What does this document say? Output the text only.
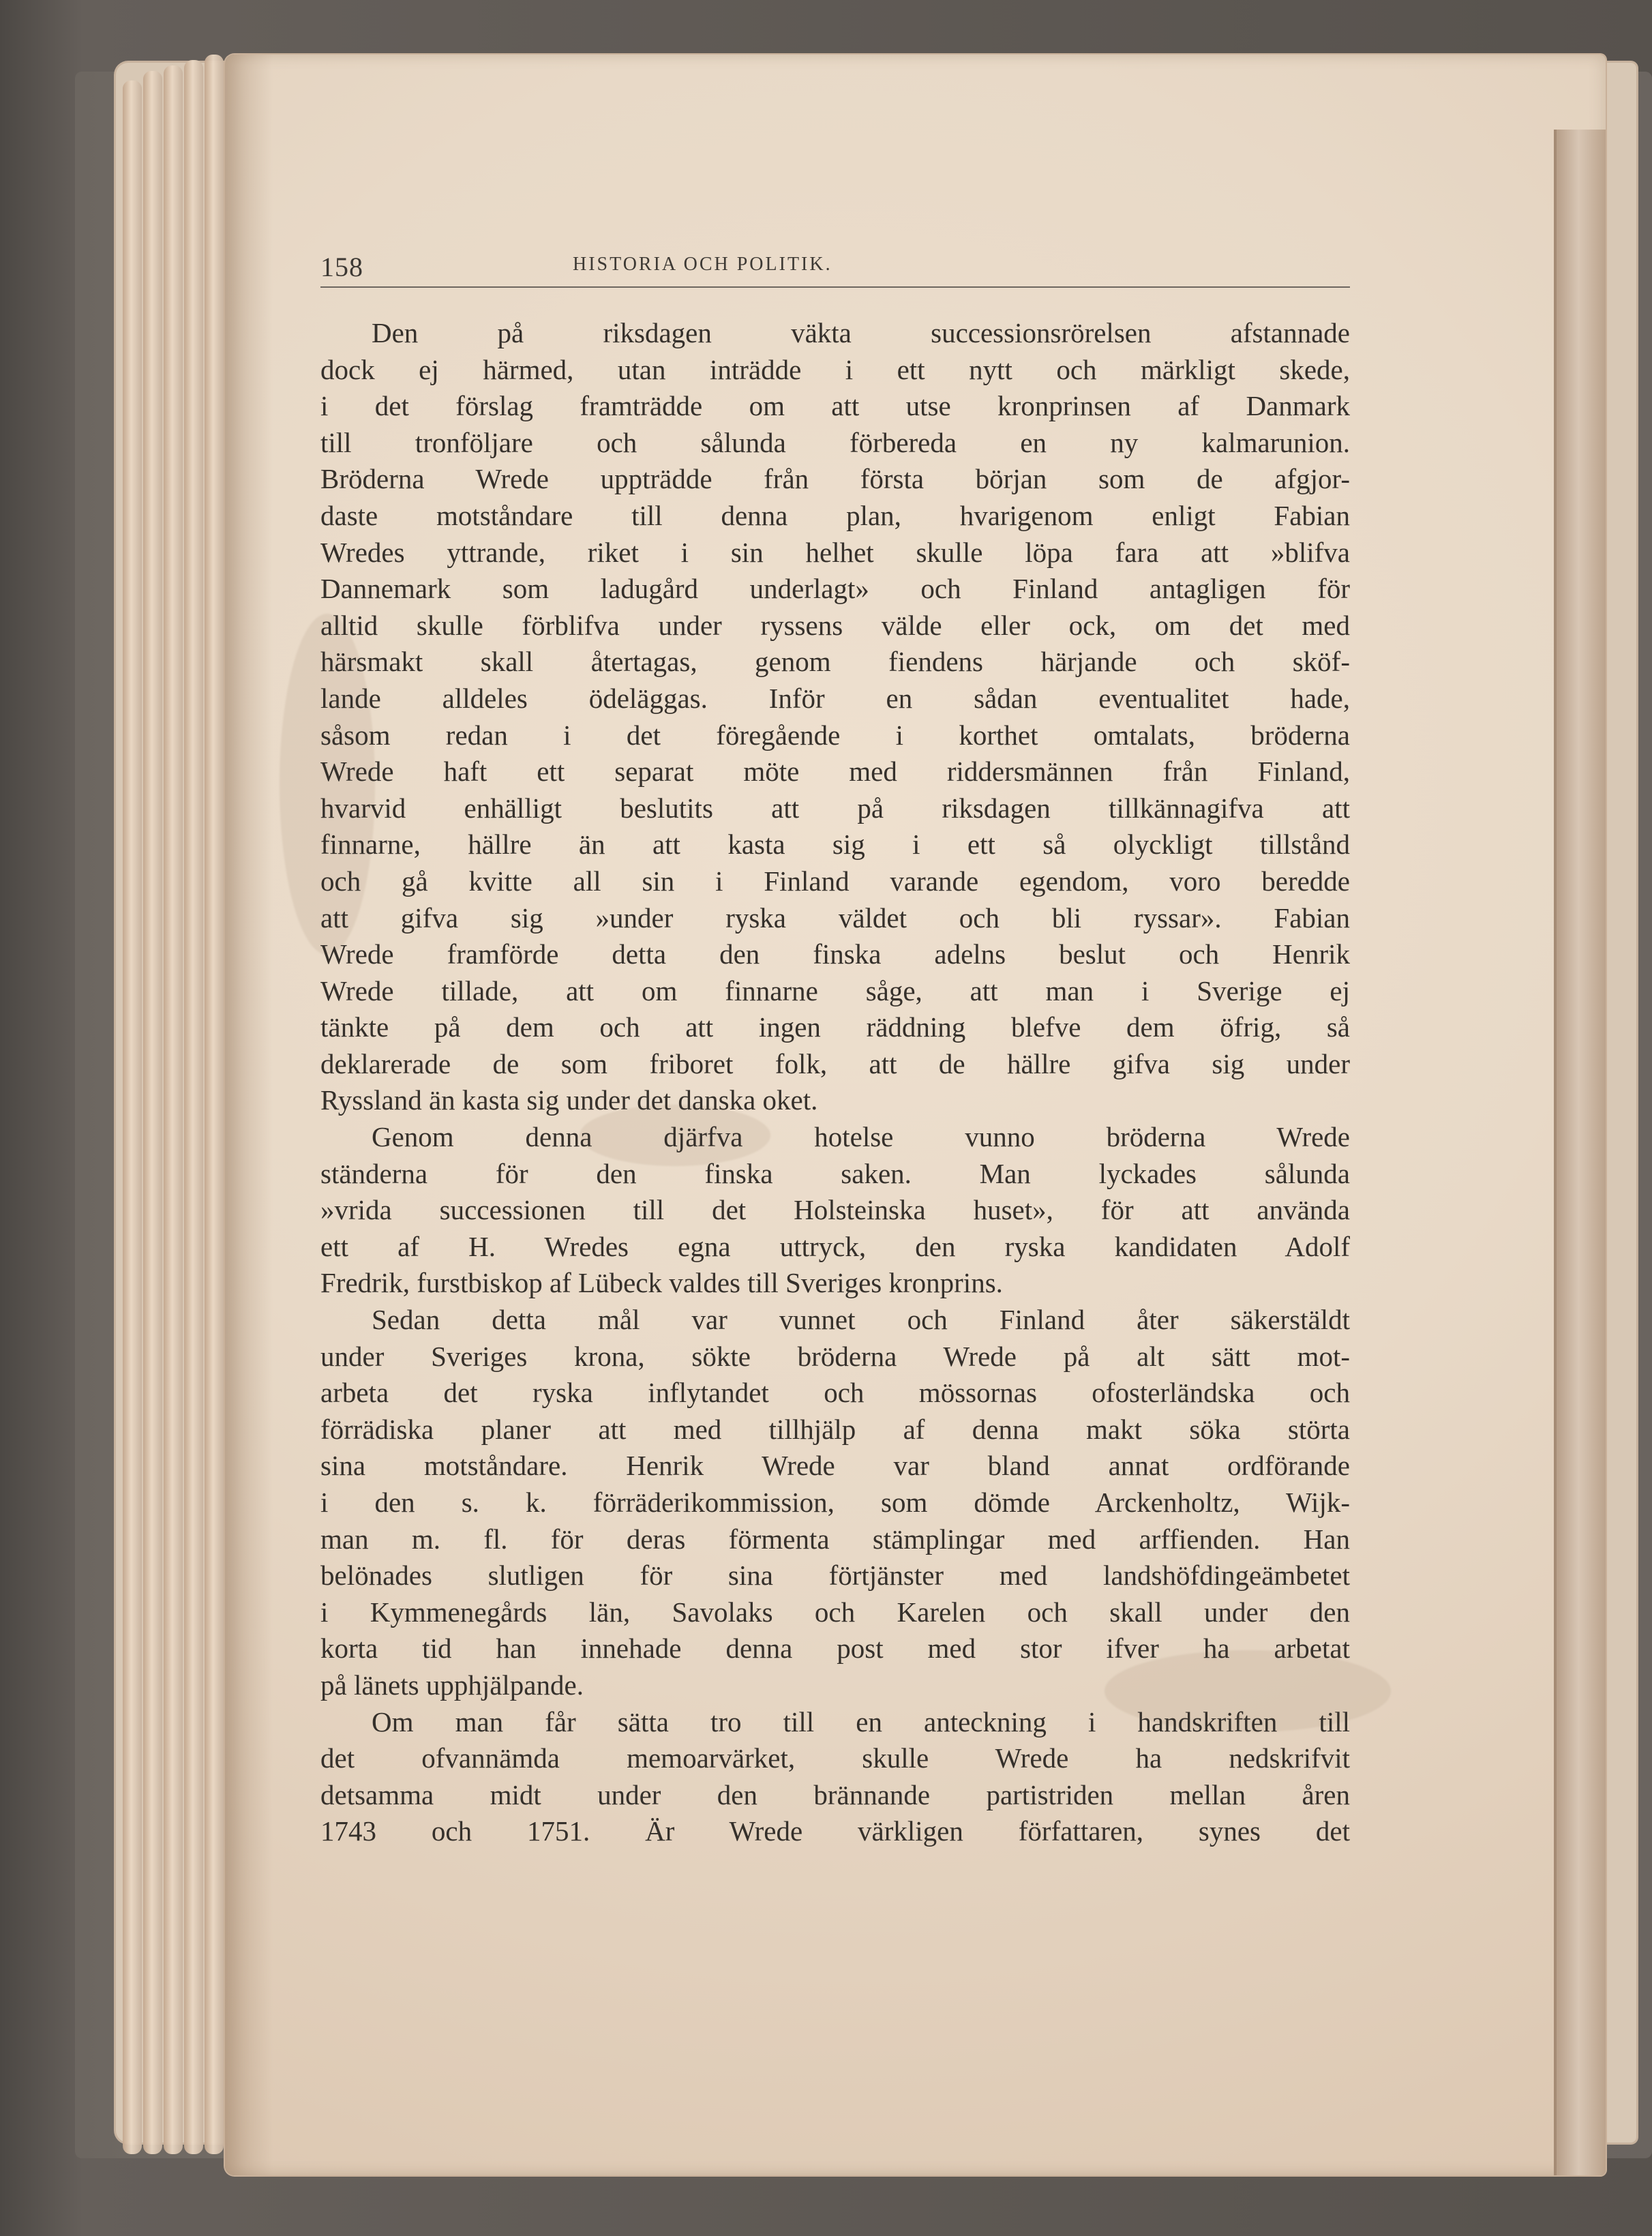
158	HISTORIA OCH POLITIK.
Den på riksdagen väkta successionsrörelsen afstannade
dock ej härmed, utan inträdde i ett nytt och märkligt skede,
i det förslag framträdde om att utse kronprinsen af Danmark
till tronföljare och sålunda förbereda en ny kalmarunion.
Bröderna Wrede uppträdde från första början som de afgjor-
daste motståndare till denna plan, hvarigenom enligt Fabian
Wredes yttrande, riket i sin helhet skulle löpa fara att »blifva
Dannemark som ladugård underlagt» och Finland antagligen för
alltid skulle förblifva under ryssens välde eller ock, om det med
härsmakt skall återtagas, genom fiendens härjande och sköf-
lande alldeles ödeläggas. Inför en sådan eventualitet hade,
såsom redan i det föregående i korthet omtalats, bröderna
Wrede haft ett separat möte med riddersmännen från Finland,
hvarvid enhälligt beslutits att på riksdagen tillkännagifva att
finnarne, hällre än att kasta sig i ett så olyckligt tillstånd
och gå kvitte all sin i Finland varande egendom, voro beredde
att gifva sig »under ryska väldet och bli ryssar». Fabian
Wrede framförde detta den finska adelns beslut och Henrik
Wrede tillade, att om finnarne såge, att man i Sverige ej
tänkte på dem och att ingen räddning blefve dem öfrig, så
deklarerade de som friboret folk, att de hällre gifva sig under
Ryssland än kasta sig under det danska oket.
Genom denna djärfva hotelse vunno bröderna Wrede
ständerna för den finska saken. Man lyckades sålunda
»vrida successionen till det Holsteinska huset», för att använda
ett af H. Wredes egna uttryck, den ryska kandidaten Adolf
Fredrik, furstbiskop af Lübeck valdes till Sveriges kronprins.
Sedan detta mål var vunnet och Finland åter säkerstäldt
under Sveriges krona, sökte bröderna Wrede på alt sätt mot-
arbeta det ryska inflytandet och mössornas ofosterländska och
förrädiska planer att med tillhjälp af denna makt söka störta
sina motståndare. Henrik Wrede var bland annat ordförande
i den s. k. förräderikommission, som dömde Arckenholtz, Wijk-
man m. fl. för deras förmenta stämplingar med arffienden. Han
belönades slutligen för sina förtjänster med landshöfdingeämbetet
i Kymmenegårds län, Savolaks och Karelen och skall under den
korta tid han innehade denna post med stor ifver ha arbetat
på länets upphjälpande.
Om man får sätta tro till en anteckning i handskriften till
det ofvannämda memoarvärket, skulle Wrede ha nedskrifvit
detsamma midt under den brännande partistriden mellan åren
1743 och 1751. Är Wrede värkligen författaren, synes det
